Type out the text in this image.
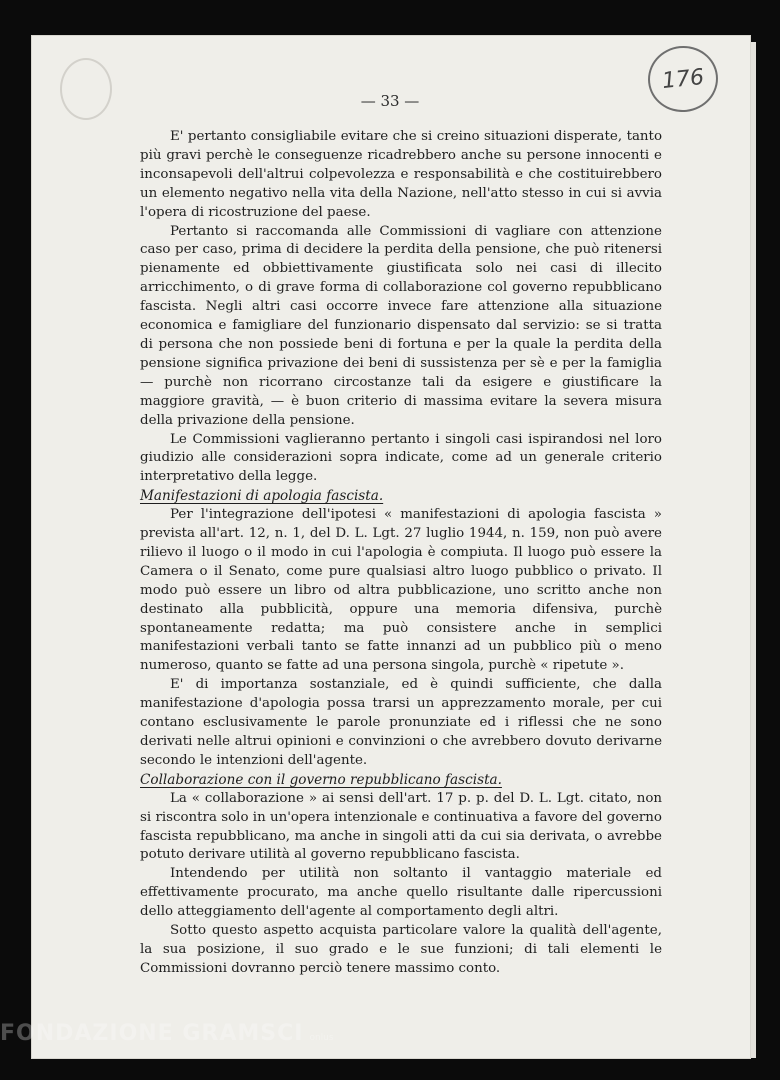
176
— 33 —

E' pertanto consigliabile evitare che si creino situazioni disperate, tanto più gravi perchè le conseguenze ricadrebbero anche su persone innocenti e inconsapevoli dell'altrui colpevolezza e responsabilità e che costituirebbero un elemento negativo nella vita della Nazione, nell'atto stesso in cui si avvia l'opera di ricostruzione del paese.

Pertanto si raccomanda alle Commissioni di vagliare con attenzione caso per caso, prima di decidere la perdita della pensione, che può ritenersi pienamente ed obbiettivamente giustificata solo nei casi di illecito arricchimento, o di grave forma di collaborazione col governo repubblicano fascista. Negli altri casi occorre invece fare attenzione alla situazione economica e famigliare del funzionario dispensato dal servizio: se si tratta di persona che non possiede beni di fortuna e per la quale la perdita della pensione significa privazione dei beni di sussistenza per sè e per la famiglia — purchè non ricorrano circostanze tali da esigere e giustificare la maggiore gravità, — è buon criterio di massima evitare la severa misura della privazione della pensione.

Le Commissioni vaglieranno pertanto i singoli casi ispirandosi nel loro giudizio alle considerazioni sopra indicate, come ad un generale criterio interpretativo della legge.

Manifestazioni di apologia fascista.

Per l'integrazione dell'ipotesi « manifestazioni di apologia fascista » prevista all'art. 12, n. 1, del D. L. Lgt. 27 luglio 1944, n. 159, non può avere rilievo il luogo o il modo in cui l'apologia è compiuta. Il luogo può essere la Camera o il Senato, come pure qualsiasi altro luogo pubblico o privato. Il modo può essere un libro od altra pubblicazione, uno scritto anche non destinato alla pubblicità, oppure una memoria difensiva, purchè spontaneamente redatta; ma può consistere anche in semplici manifestazioni verbali tanto se fatte innanzi ad un pubblico più o meno numeroso, quanto se fatte ad una persona singola, purchè « ripetute ».

E' di importanza sostanziale, ed è quindi sufficiente, che dalla manifestazione d'apologia possa trarsi un apprezzamento morale, per cui contano esclusivamente le parole pronunziate ed i riflessi che ne sono derivati nelle altrui opinioni e convinzioni o che avrebbero dovuto derivarne secondo le intenzioni dell'agente.

Collaborazione con il governo repubblicano fascista.

La « collaborazione » ai sensi dell'art. 17 p. p. del D. L. Lgt. citato, non si riscontra solo in un'opera intenzionale e continuativa a favore del governo fascista repubblicano, ma anche in singoli atti da cui sia derivata, o avrebbe potuto derivare utilità al governo repubblicano fascista.

Intendendo per utilità non soltanto il vantaggio materiale ed effettivamente procurato, ma anche quello risultante dalle ripercussioni dello atteggiamento dell'agente al comportamento degli altri.

Sotto questo aspetto acquista particolare valore la qualità dell'agente, la sua posizione, il suo grado e le sue funzioni; di tali elementi le Commissioni dovranno perciò tenere massimo conto.

FONDAZIONE GRAMSCI onlus
